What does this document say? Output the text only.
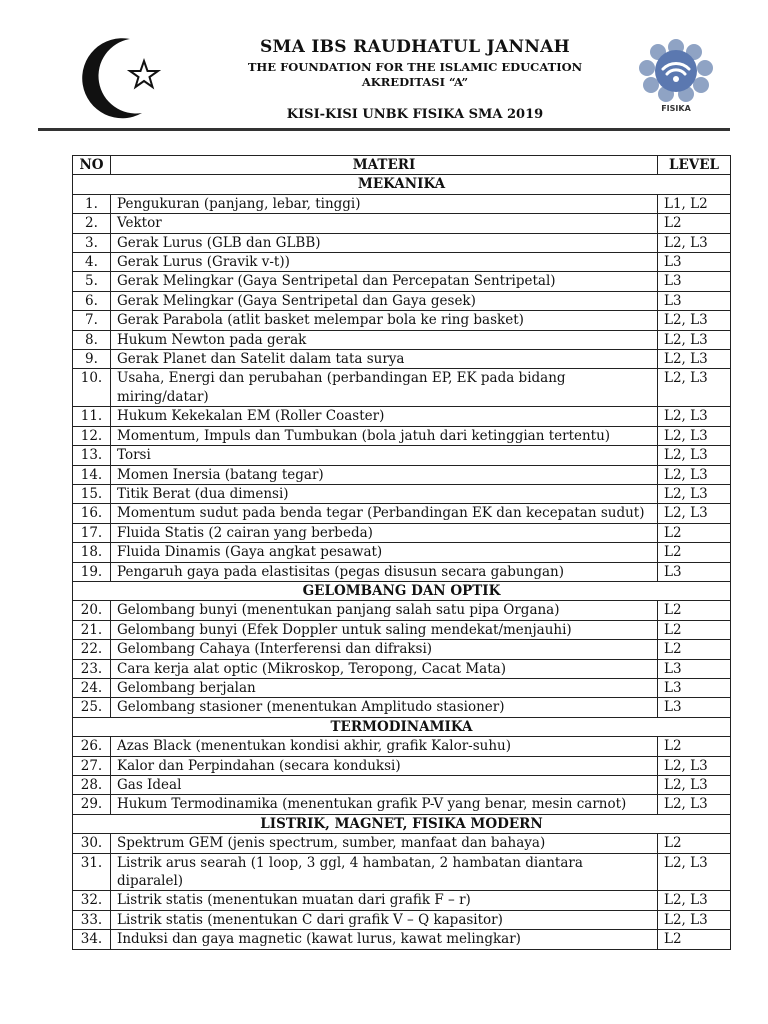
SMA IBS RAUDHATUL JANNAH
THE FOUNDATION FOR THE ISLAMIC EDUCATION
AKREDITASI “A”
KISI-KISI UNBK FISIKA SMA 2019	FISIKA
NO	MATERI	LEVEL
MEKANIKA		
1.	Pengukuran (panjang, lebar, tinggi)	L1, L2
2.	Vektor	L2
3.	Gerak Lurus (GLB dan GLBB)	L2, L3
4.	Gerak Lurus (Gravik v-t))	L3
5.	Gerak Melingkar (Gaya Sentripetal dan Percepatan Sentripetal)	L3
6.	Gerak Melingkar (Gaya Sentripetal dan Gaya gesek)	L3
7.	Gerak Parabola (atlit basket melempar bola ke ring basket)	L2, L3
8.	Hukum Newton pada gerak	L2, L3
9.	Gerak Planet dan Satelit dalam tata surya	L2, L3
10.	Usaha, Energi dan perubahan (perbandingan EP, EK pada bidang miring/datar)	L2, L3
11.	Hukum Kekekalan EM (Roller Coaster)	L2, L3
12.	Momentum, Impuls dan Tumbukan (bola jatuh dari ketinggian tertentu)	L2, L3
13.	Torsi	L2, L3
14.	Momen Inersia (batang tegar)	L2, L3
15.	Titik Berat (dua dimensi)	L2, L3
16.	Momentum sudut pada benda tegar (Perbandingan EK dan kecepatan sudut)	L2, L3
17.	Fluida Statis (2 cairan yang berbeda)	L2
18.	Fluida Dinamis (Gaya angkat pesawat)	L2
19.	Pengaruh gaya pada elastisitas (pegas disusun secara gabungan)	L3
GELOMBANG DAN OPTIK		
20.	Gelombang bunyi (menentukan panjang salah satu pipa Organa)	L2
21.	Gelombang bunyi (Efek Doppler untuk saling mendekat/menjauhi)	L2
22.	Gelombang Cahaya (Interferensi dan difraksi)	L2
23.	Cara kerja alat optic (Mikroskop, Teropong, Cacat Mata)	L3
24.	Gelombang berjalan	L3
25.	Gelombang stasioner (menentukan Amplitudo stasioner)	L3
TERMODINAMIKA		
26.	Azas Black (menentukan kondisi akhir, grafik Kalor-suhu)	L2
27.	Kalor dan Perpindahan (secara konduksi)	L2, L3
28.	Gas Ideal	L2, L3
29.	Hukum Termodinamika (menentukan grafik P-V yang benar, mesin carnot)	L2, L3
LISTRIK, MAGNET, FISIKA MODERN		
30.	Spektrum GEM (jenis spectrum, sumber, manfaat dan bahaya)	L2
31.	Listrik arus searah (1 loop, 3 ggl, 4 hambatan, 2 hambatan diantara diparalel)	L2, L3
32.	Listrik statis (menentukan muatan dari grafik F – r)	L2, L3
33.	Listrik statis (menentukan C dari grafik V – Q kapasitor)	L2, L3
34.	Induksi dan gaya magnetic (kawat lurus, kawat melingkar)	L2
